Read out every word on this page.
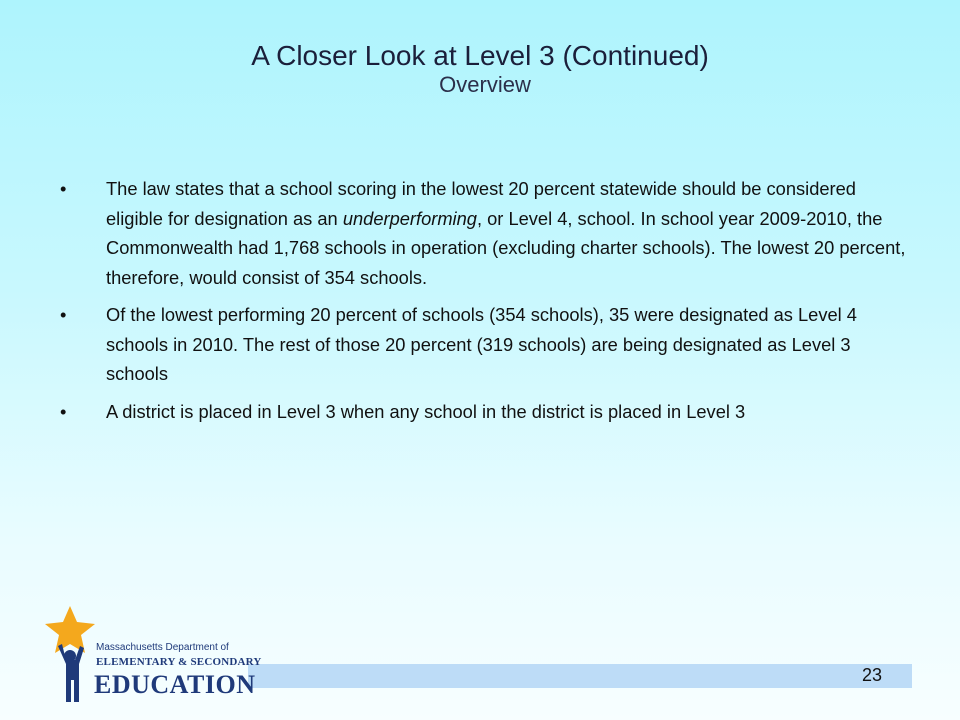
A Closer Look at Level 3 (Continued)
Overview
• The law states that a school scoring in the lowest 20 percent statewide should be considered eligible for designation as an underperforming, or Level 4, school. In school year 2009-2010, the Commonwealth had 1,768 schools in operation (excluding charter schools). The lowest 20 percent, therefore, would consist of 354 schools.
• Of the lowest performing 20 percent of schools (354 schools), 35 were designated as Level 4 schools in 2010. The rest of those 20 percent (319 schools) are being designated as Level 3 schools
• A district is placed in Level 3 when any school in the district is placed in Level 3
23
Massachusetts Department of
ELEMENTARY & SECONDARY
EDUCATION
